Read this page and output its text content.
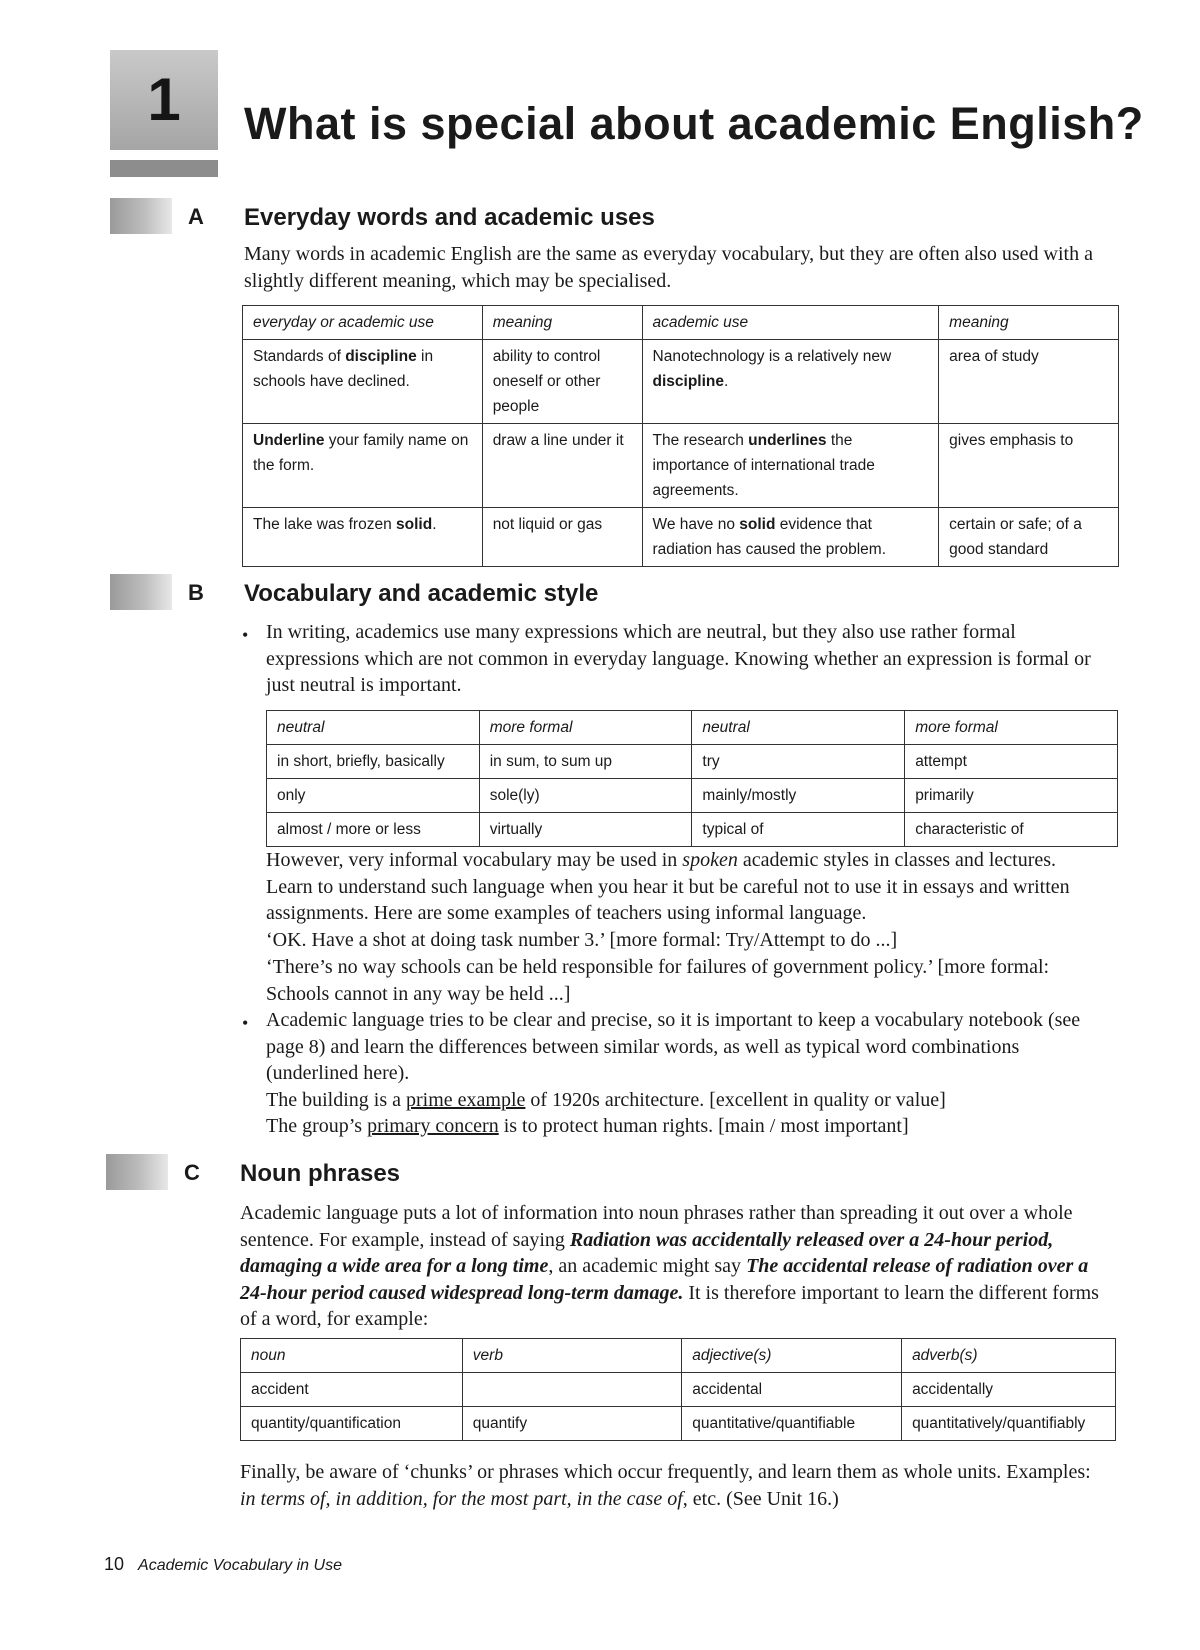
1	What is special about academic English?
A Everyday words and academic uses
Many words in academic English are the same as everyday vocabulary, but they are often also used with a slightly different meaning, which may be specialised.
everyday or academic use	meaning	academic use	meaning
Standards of discipline in schools have declined.	ability to control oneself or other people	Nanotechnology is a relatively new discipline.	area of study
Underline your family name on the form.	draw a line under it	The research underlines the importance of international trade agreements.	gives emphasis to
The lake was frozen solid.	not liquid or gas	We have no solid evidence that radiation has caused the problem.	certain or safe; of a good standard
B Vocabulary and academic style
• In writing, academics use many expressions which are neutral, but they also use rather formal expressions which are not common in everyday language. Knowing whether an expression is formal or just neutral is important.
neutral	more formal	neutral	more formal
in short, briefly, basically	in sum, to sum up	try	attempt
only	sole(ly)	mainly/mostly	primarily
almost / more or less	virtually	typical of	characteristic of
However, very informal vocabulary may be used in spoken academic styles in classes and lectures. Learn to understand such language when you hear it but be careful not to use it in essays and written assignments. Here are some examples of teachers using informal language.
‘OK. Have a shot at doing task number 3.’ [more formal: Try/Attempt to do ...]
‘There’s no way schools can be held responsible for failures of government policy.’ [more formal: Schools cannot in any way be held ...]
• Academic language tries to be clear and precise, so it is important to keep a vocabulary notebook (see page 8) and learn the differences between similar words, as well as typical word combinations (underlined here).
The building is a prime example of 1920s architecture. [excellent in quality or value]
The group’s primary concern is to protect human rights. [main / most important]
C Noun phrases
Academic language puts a lot of information into noun phrases rather than spreading it out over a whole sentence. For example, instead of saying Radiation was accidentally released over a 24-hour period, damaging a wide area for a long time, an academic might say The accidental release of radiation over a 24-hour period caused widespread long-term damage. It is therefore important to learn the different forms of a word, for example:
noun	verb	adjective(s)	adverb(s)
accident		accidental	accidentally
quantity/quantification	quantify	quantitative/quantifiable	quantitatively/quantifiably
Finally, be aware of ‘chunks’ or phrases which occur frequently, and learn them as whole units. Examples: in terms of, in addition, for the most part, in the case of, etc. (See Unit 16.)
10 Academic Vocabulary in Use
